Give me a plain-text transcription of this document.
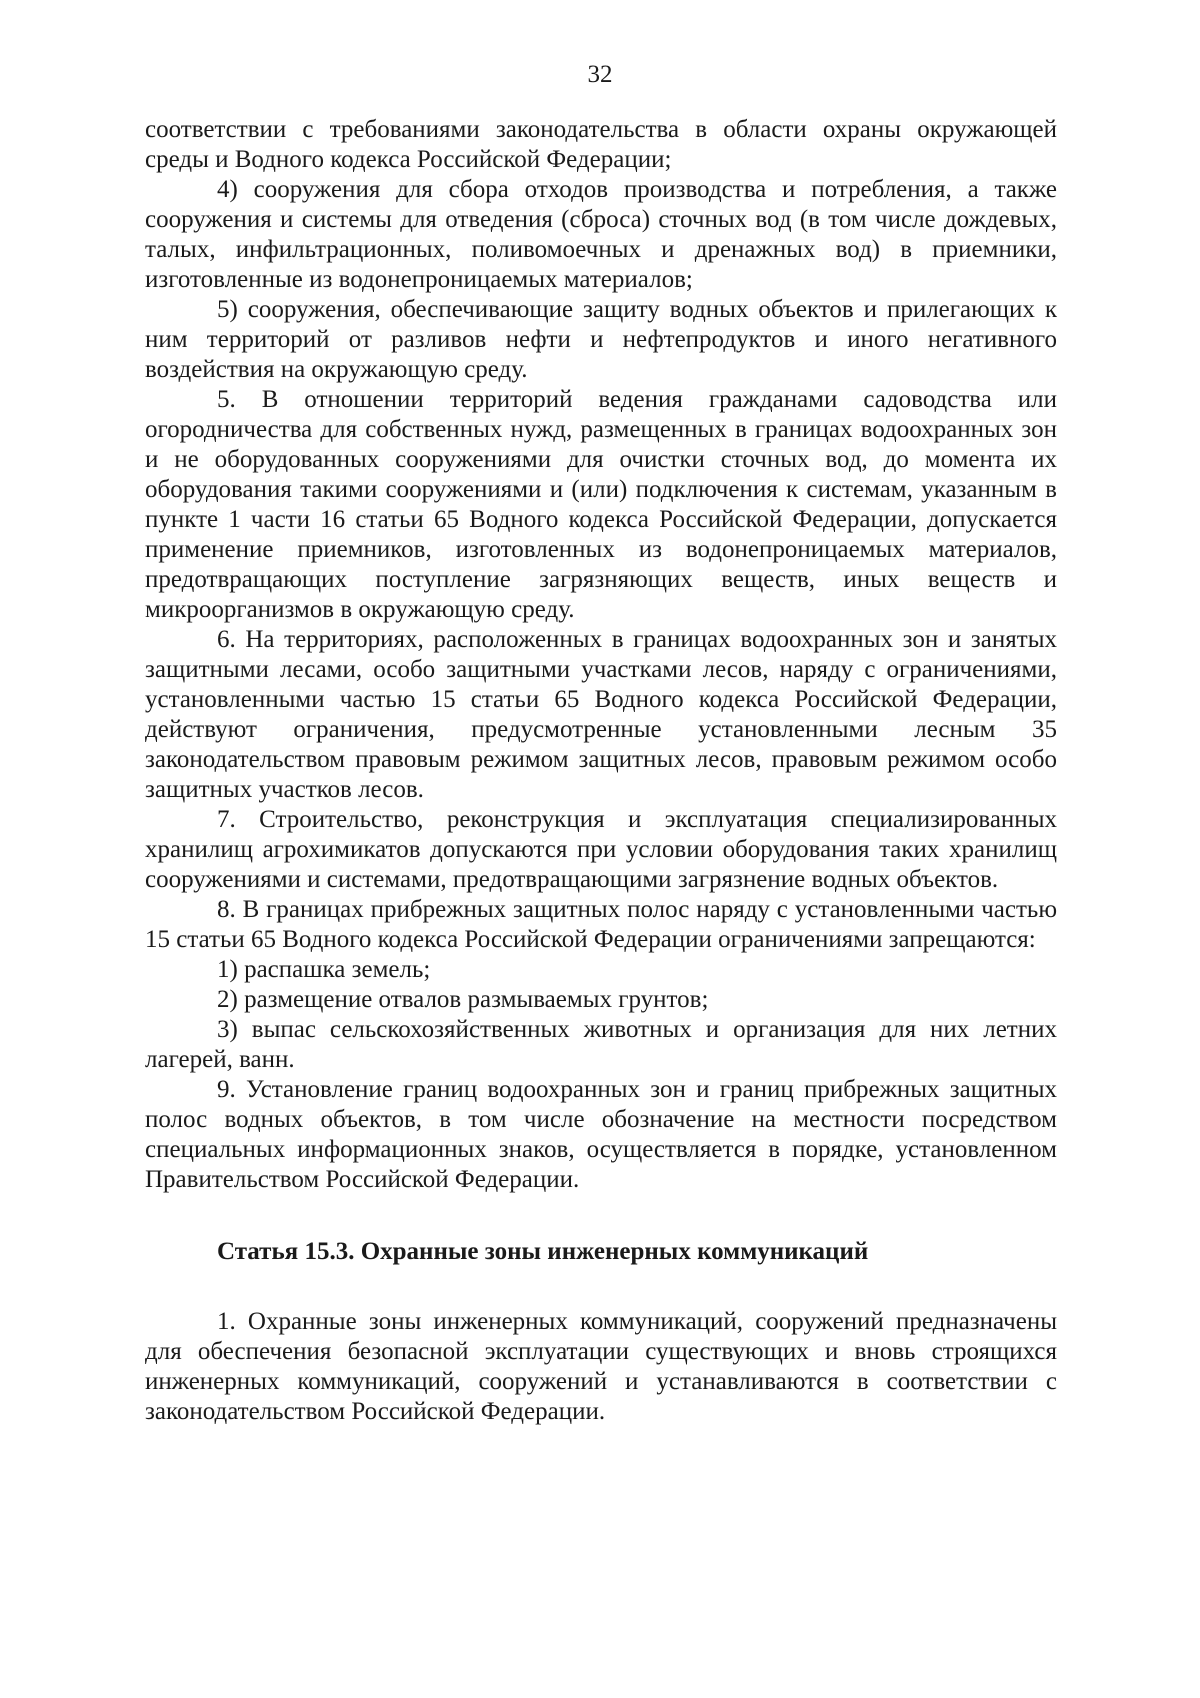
32

соответствии с требованиями законодательства в области охраны окружающей среды и Водного кодекса Российской Федерации;

4) сооружения для сбора отходов производства и потребления, а также сооружения и системы для отведения (сброса) сточных вод (в том числе дождевых, талых, инфильтрационных, поливомоечных и дренажных вод) в приемники, изготовленные из водонепроницаемых материалов;

5) сооружения, обеспечивающие защиту водных объектов и прилегающих к ним территорий от разливов нефти и нефтепродуктов и иного негативного воздействия на окружающую среду.

5. В отношении территорий ведения гражданами садоводства или огородничества для собственных нужд, размещенных в границах водоохранных зон и не оборудованных сооружениями для очистки сточных вод, до момента их оборудования такими сооружениями и (или) подключения к системам, указанным в пункте 1 части 16 статьи 65 Водного кодекса Российской Федерации, допускается применение приемников, изготовленных из водонепроницаемых материалов, предотвращающих поступление загрязняющих веществ, иных веществ и микроорганизмов в окружающую среду.

6. На территориях, расположенных в границах водоохранных зон и занятых защитными лесами, особо защитными участками лесов, наряду с ограничениями, установленными частью 15 статьи 65 Водного кодекса Российской Федерации, действуют ограничения, предусмотренные установленными лесным 35 законодательством правовым режимом защитных лесов, правовым режимом особо защитных участков лесов.

7. Строительство, реконструкция и эксплуатация специализированных хранилищ агрохимикатов допускаются при условии оборудования таких хранилищ сооружениями и системами, предотвращающими загрязнение водных объектов.

8. В границах прибрежных защитных полос наряду с установленными частью 15 статьи 65 Водного кодекса Российской Федерации ограничениями запрещаются:

1) распашка земель;

2) размещение отвалов размываемых грунтов;

3) выпас сельскохозяйственных животных и организация для них летних лагерей, ванн.

9. Установление границ водоохранных зон и границ прибрежных защитных полос водных объектов, в том числе обозначение на местности посредством специальных информационных знаков, осуществляется в порядке, установленном Правительством Российской Федерации.

Статья 15.3. Охранные зоны инженерных коммуникаций

1. Охранные зоны инженерных коммуникаций, сооружений предназначены для обеспечения безопасной эксплуатации существующих и вновь строящихся инженерных коммуникаций, сооружений и устанавливаются в соответствии с законодательством Российской Федерации.
